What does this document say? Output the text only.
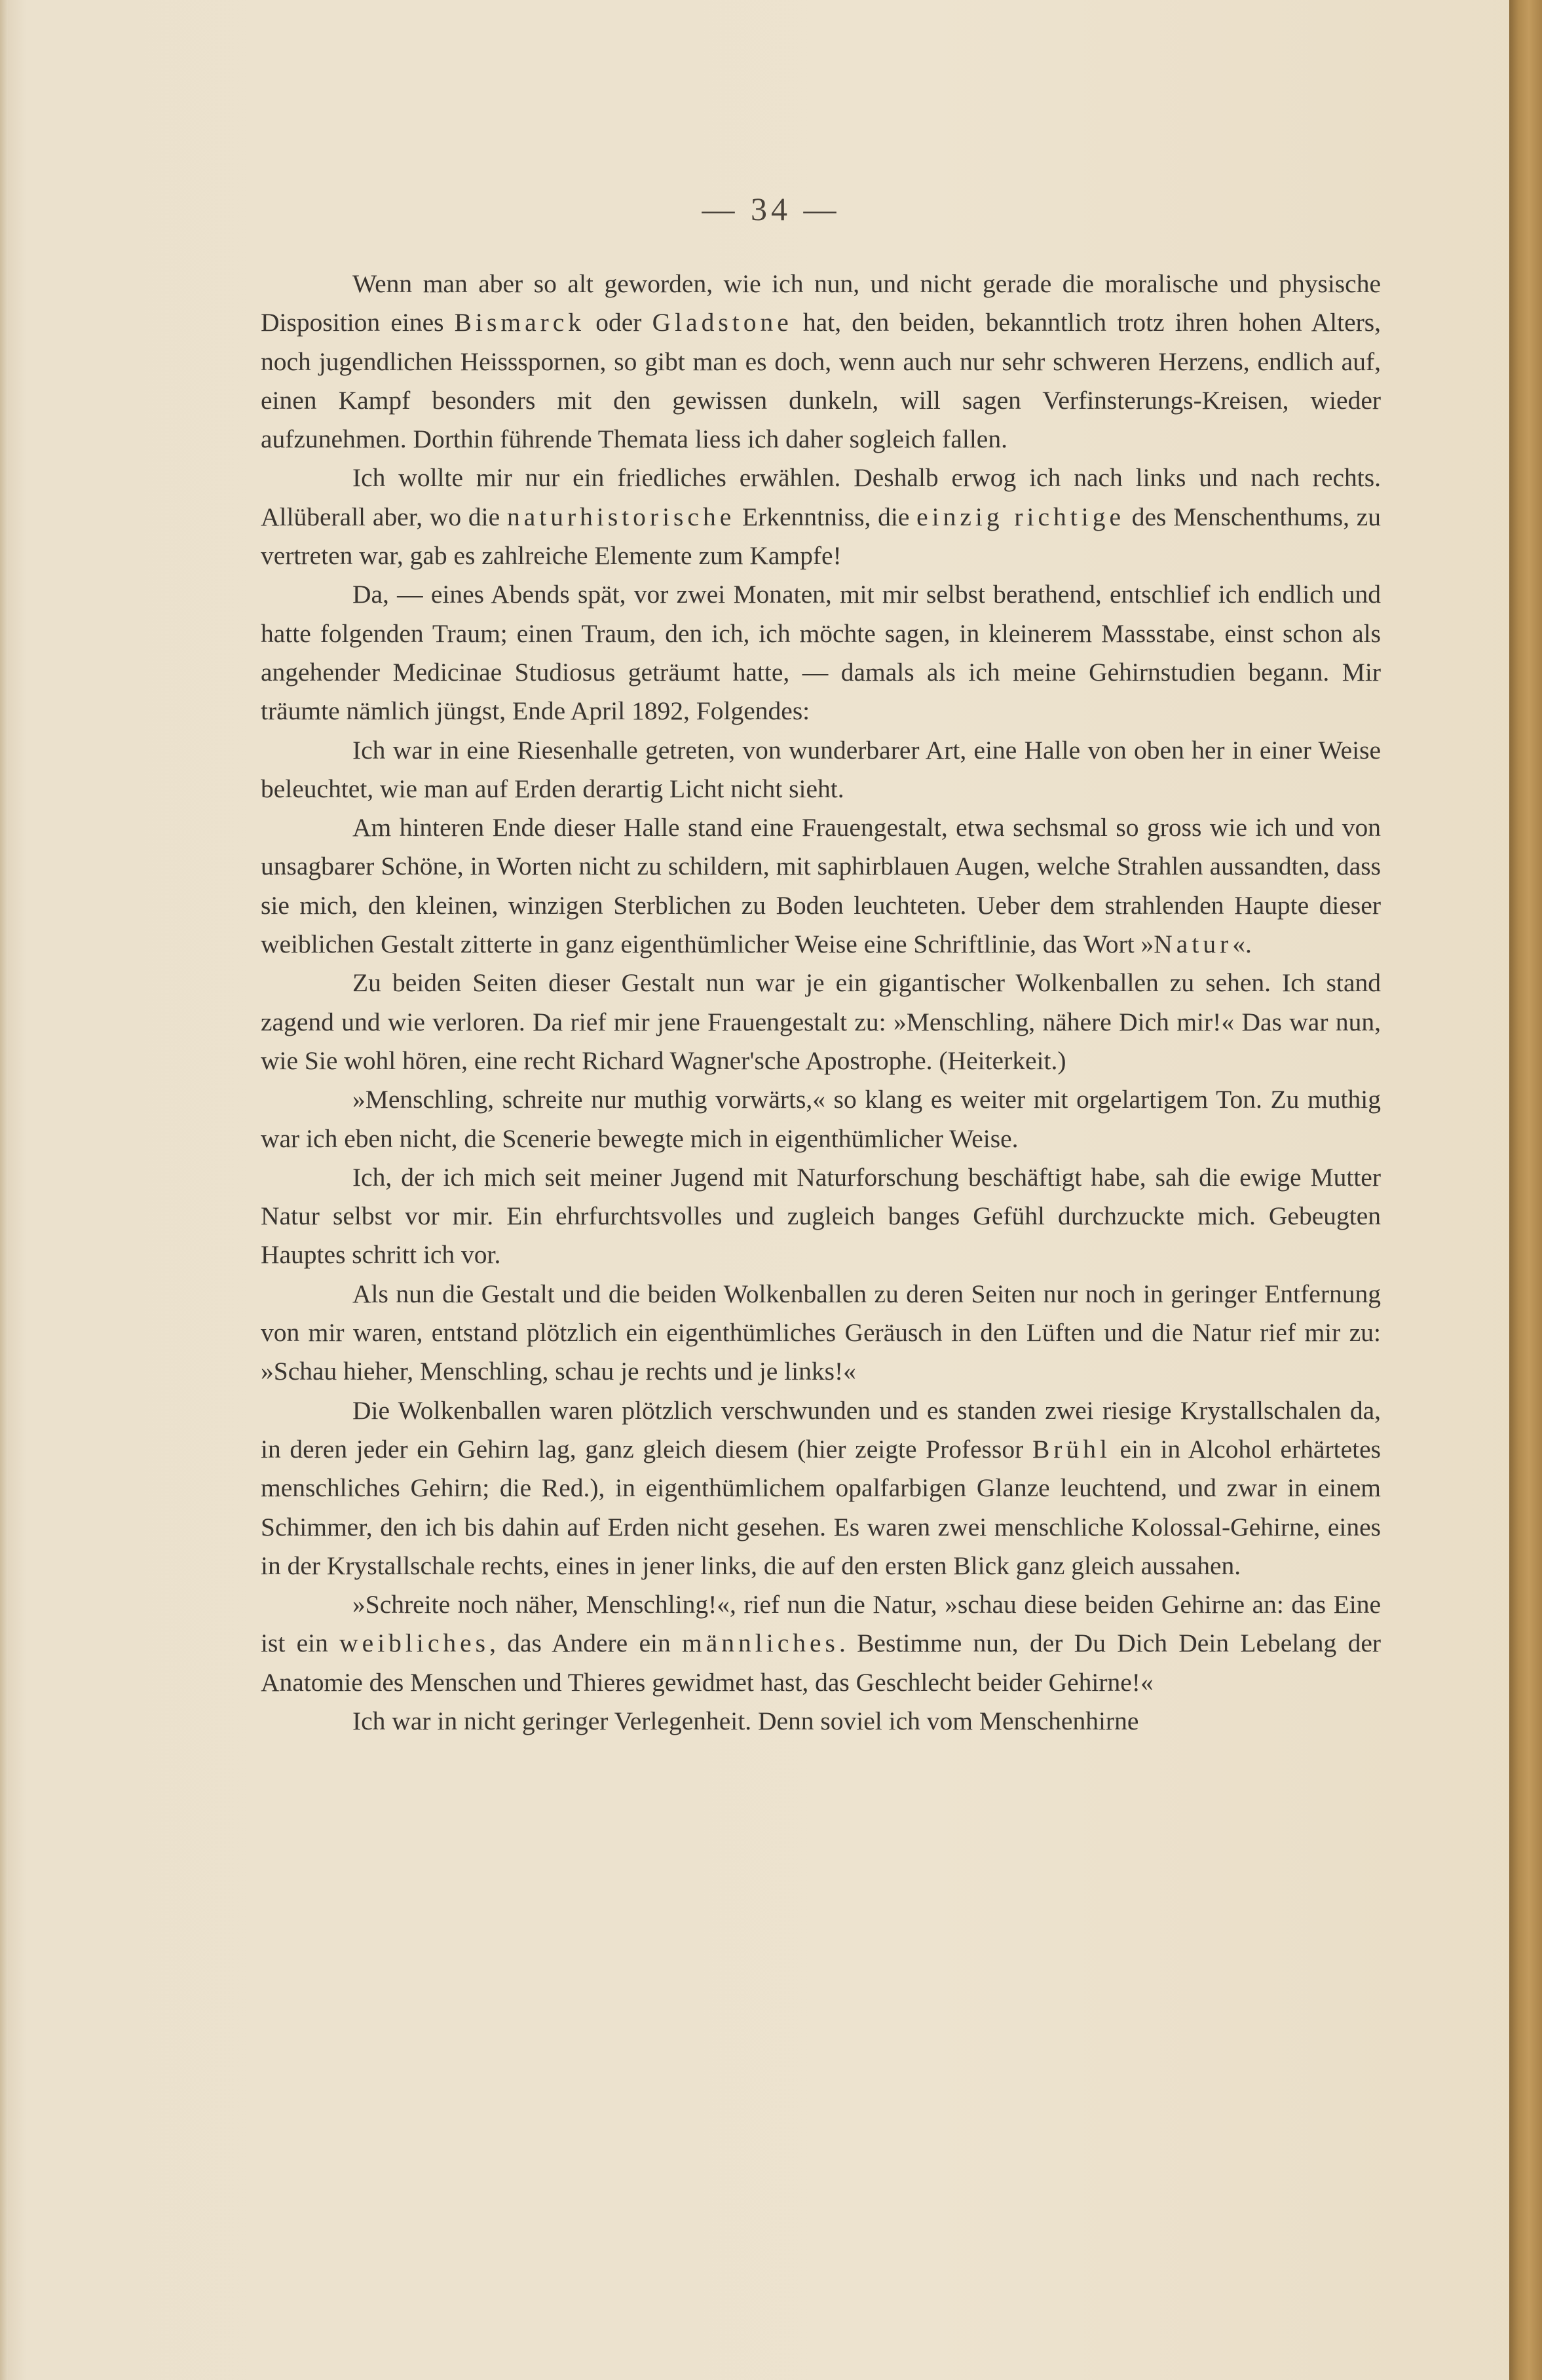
— 34 —

Wenn man aber so alt geworden, wie ich nun, und nicht gerade die moralische und physische Disposition eines Bismarck oder Gladstone hat, den beiden, bekanntlich trotz ihren hohen Alters, noch jugendlichen Heissspornen, so gibt man es doch, wenn auch nur sehr schweren Herzens, endlich auf, einen Kampf besonders mit den gewissen dunkeln, will sagen Verfinsterungs-Kreisen, wieder aufzunehmen. Dorthin führende Themata liess ich daher sogleich fallen.

Ich wollte mir nur ein friedliches erwählen. Deshalb erwog ich nach links und nach rechts. Allüberall aber, wo die naturhistorische Erkenntniss, die einzig richtige des Menschenthums, zu vertreten war, gab es zahlreiche Elemente zum Kampfe!

Da, — eines Abends spät, vor zwei Monaten, mit mir selbst berathend, entschlief ich endlich und hatte folgenden Traum; einen Traum, den ich, ich möchte sagen, in kleinerem Massstabe, einst schon als angehender Medicinae Studiosus geträumt hatte, — damals als ich meine Gehirnstudien begann. Mir träumte nämlich jüngst, Ende April 1892, Folgendes:

Ich war in eine Riesenhalle getreten, von wunderbarer Art, eine Halle von oben her in einer Weise beleuchtet, wie man auf Erden derartig Licht nicht sieht.

Am hinteren Ende dieser Halle stand eine Frauengestalt, etwa sechsmal so gross wie ich und von unsagbarer Schöne, in Worten nicht zu schildern, mit saphirblauen Augen, welche Strahlen aussandten, dass sie mich, den kleinen, winzigen Sterblichen zu Boden leuchteten. Ueber dem strahlenden Haupte dieser weiblichen Gestalt zitterte in ganz eigenthümlicher Weise eine Schriftlinie, das Wort »Natur«.

Zu beiden Seiten dieser Gestalt nun war je ein gigantischer Wolkenballen zu sehen. Ich stand zagend und wie verloren. Da rief mir jene Frauengestalt zu: »Menschling, nähere Dich mir!« Das war nun, wie Sie wohl hören, eine recht Richard Wagner'sche Apostrophe. (Heiterkeit.)

»Menschling, schreite nur muthig vorwärts,« so klang es weiter mit orgelartigem Ton. Zu muthig war ich eben nicht, die Scenerie bewegte mich in eigenthümlicher Weise.

Ich, der ich mich seit meiner Jugend mit Naturforschung beschäftigt habe, sah die ewige Mutter Natur selbst vor mir. Ein ehrfurchtsvolles und zugleich banges Gefühl durchzuckte mich. Gebeugten Hauptes schritt ich vor.

Als nun die Gestalt und die beiden Wolkenballen zu deren Seiten nur noch in geringer Entfernung von mir waren, entstand plötzlich ein eigenthümliches Geräusch in den Lüften und die Natur rief mir zu: »Schau hieher, Menschling, schau je rechts und je links!«

Die Wolkenballen waren plötzlich verschwunden und es standen zwei riesige Krystallschalen da, in deren jeder ein Gehirn lag, ganz gleich diesem (hier zeigte Professor Brühl ein in Alcohol erhärtetes menschliches Gehirn; die Red.), in eigenthümlichem opalfarbigen Glanze leuchtend, und zwar in einem Schimmer, den ich bis dahin auf Erden nicht gesehen. Es waren zwei menschliche Kolossal-Gehirne, eines in der Krystallschale rechts, eines in jener links, die auf den ersten Blick ganz gleich aussahen.

»Schreite noch näher, Menschling!«, rief nun die Natur, »schau diese beiden Gehirne an: das Eine ist ein weibliches, das Andere ein männliches. Bestimme nun, der Du Dich Dein Lebelang der Anatomie des Menschen und Thieres gewidmet hast, das Geschlecht beider Gehirne!«

Ich war in nicht geringer Verlegenheit. Denn soviel ich vom Menschenhirne
